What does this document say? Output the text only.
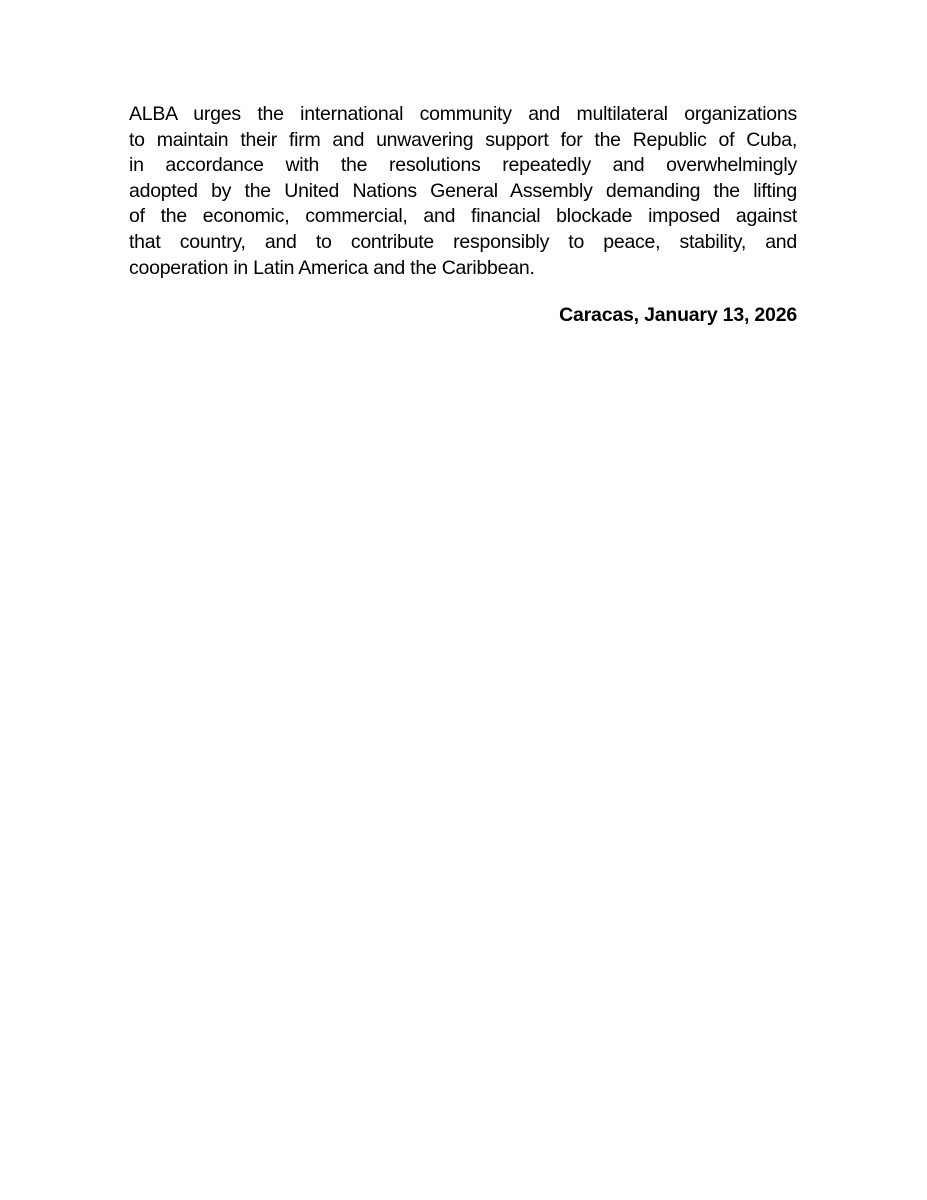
ALBA urges the international community and multilateral organizations
to maintain their firm and unwavering support for the Republic of Cuba,
in accordance with the resolutions repeatedly and overwhelmingly
adopted by the United Nations General Assembly demanding the lifting
of the economic, commercial, and financial blockade imposed against
that country, and to contribute responsibly to peace, stability, and
cooperation in Latin America and the Caribbean.

Caracas, January 13, 2026
